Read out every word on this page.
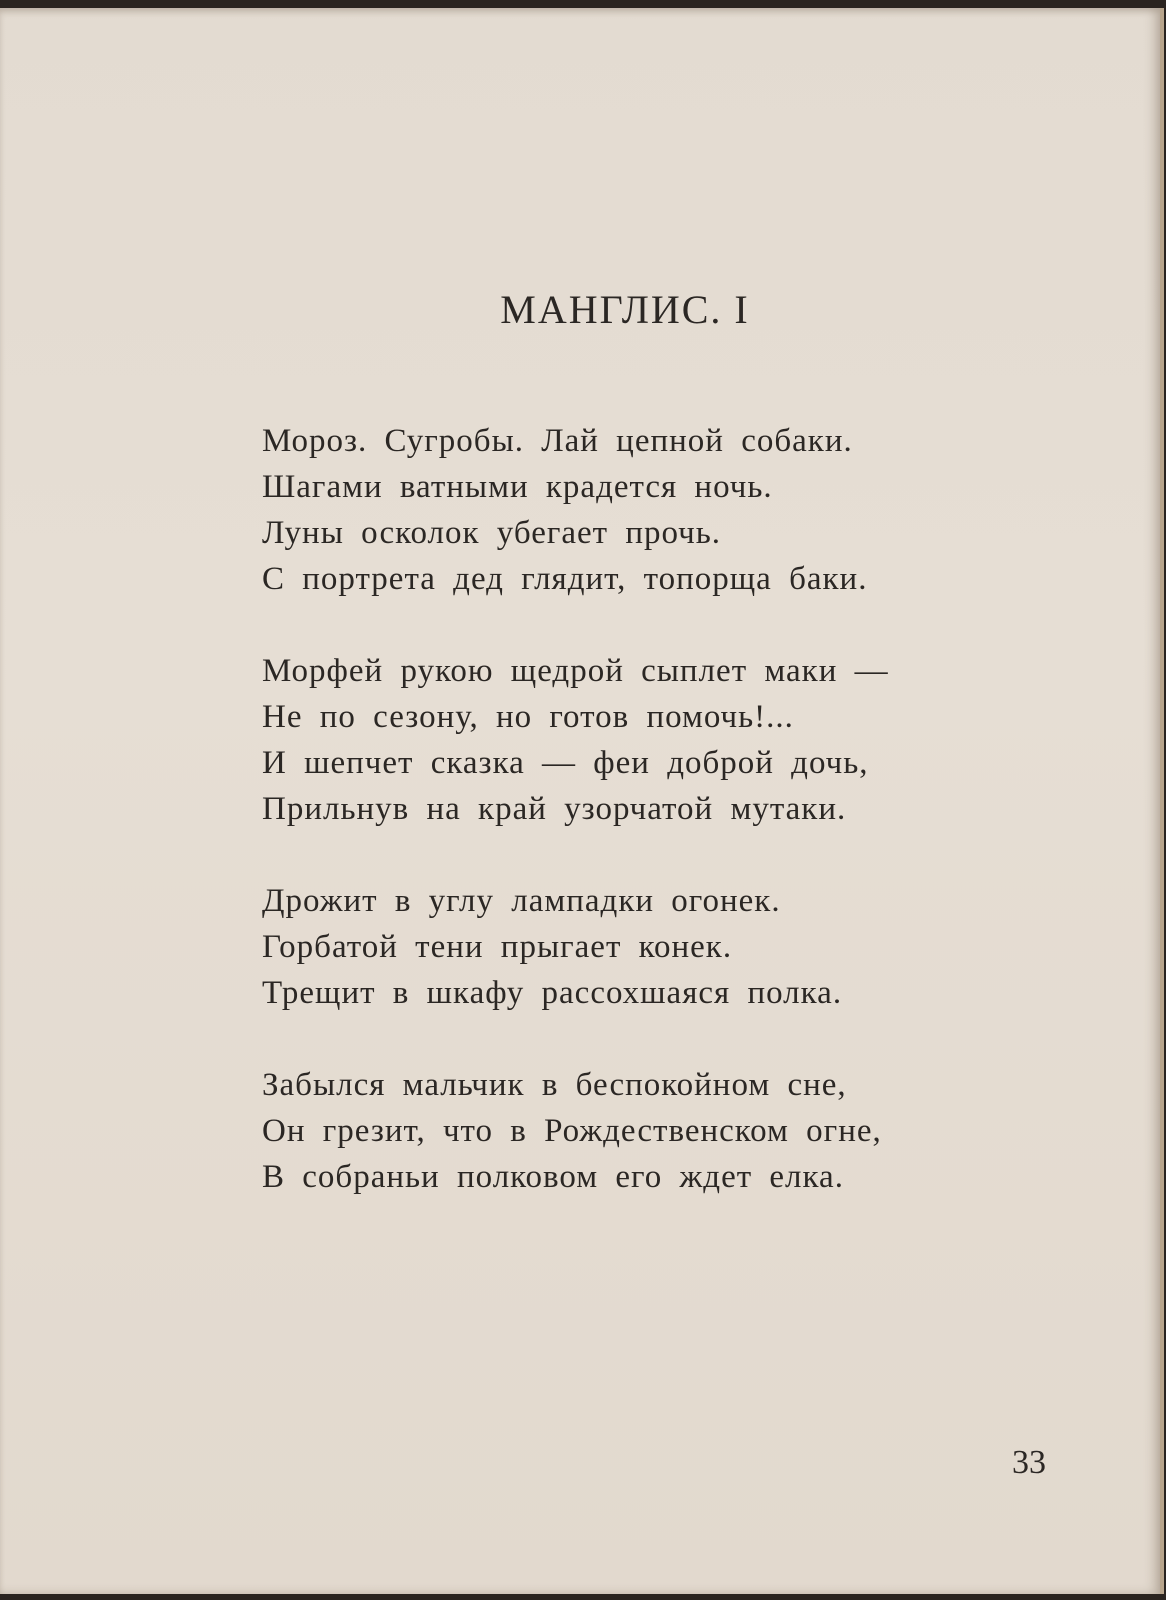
МАНГЛИС. I
Мороз. Сугробы. Лай цепной собаки.
Шагами ватными крадется ночь.
Луны осколок убегает прочь.
С портрета дед глядит, топорща баки.
Морфей рукою щедрой сыплет маки —
Не по сезону, но готов помочь!...
И шепчет сказка — феи доброй дочь,
Прильнув на край узорчатой мутаки.
Дрожит в углу лампадки огонек.
Горбатой тени прыгает конек.
Трещит в шкафу рассохшаяся полка.
Забылся мальчик в беспокойном сне,
Он грезит, что в Рождественском огне,
В собраньи полковом его ждет елка.
33
